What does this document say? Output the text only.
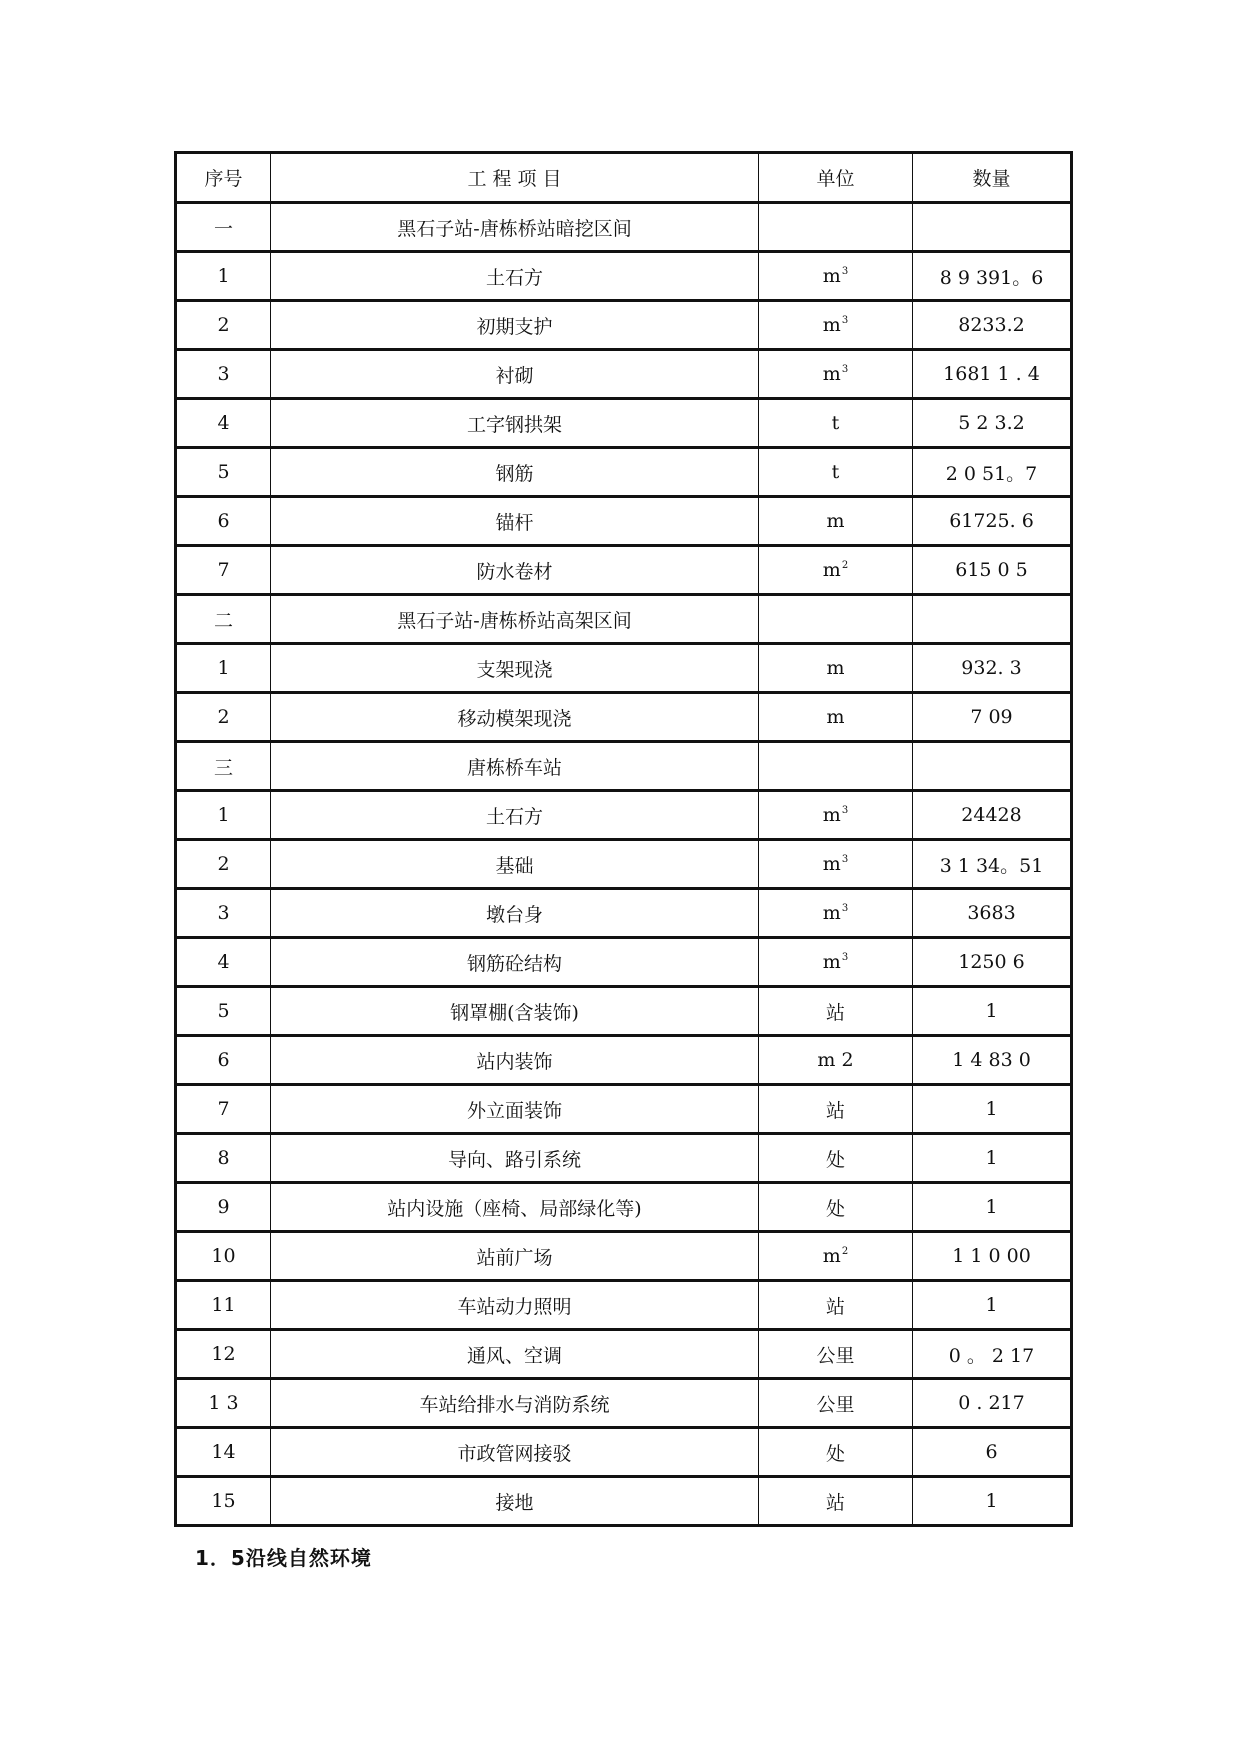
序号	工 程 项 目	单位	数量
一	黑石子站-唐栋桥站暗挖区间		
1	土石方	m3	8 9 391。6
2	初期支护	m3	8233.2
3	衬砌	m3	1681 1 . 4
4	工字钢拱架	t	5 2 3.2
5	钢筋	t	2 0 51。7
6	锚杆	m	61725. 6
7	防水卷材	m2	615 0 5
二	黑石子站-唐栋桥站高架区间		
1	支架现浇	m	932. 3
2	移动模架现浇	m	7 09
三	唐栋桥车站		
1	土石方	m3	24428
2	基础	m3	3 1 34。51
3	墩台身	m3	3683
4	钢筋砼结构	m3	1250 6
5	钢罩棚(含装饰)	站	1
6	站内装饰	m 2	1 4 83 0
7	外立面装饰	站	1
8	导向、路引系统	处	1
9	站内设施（座椅、局部绿化等)	处	1
10	站前广场	m2	1 1 0 00
11	车站动力照明	站	1
12	通风、空调	公里	0 。 2 17
1 3	车站给排水与消防系统	公里	0 . 217
14	市政管网接驳	处	6
15	接地	站	1
1．5沿线自然环境
